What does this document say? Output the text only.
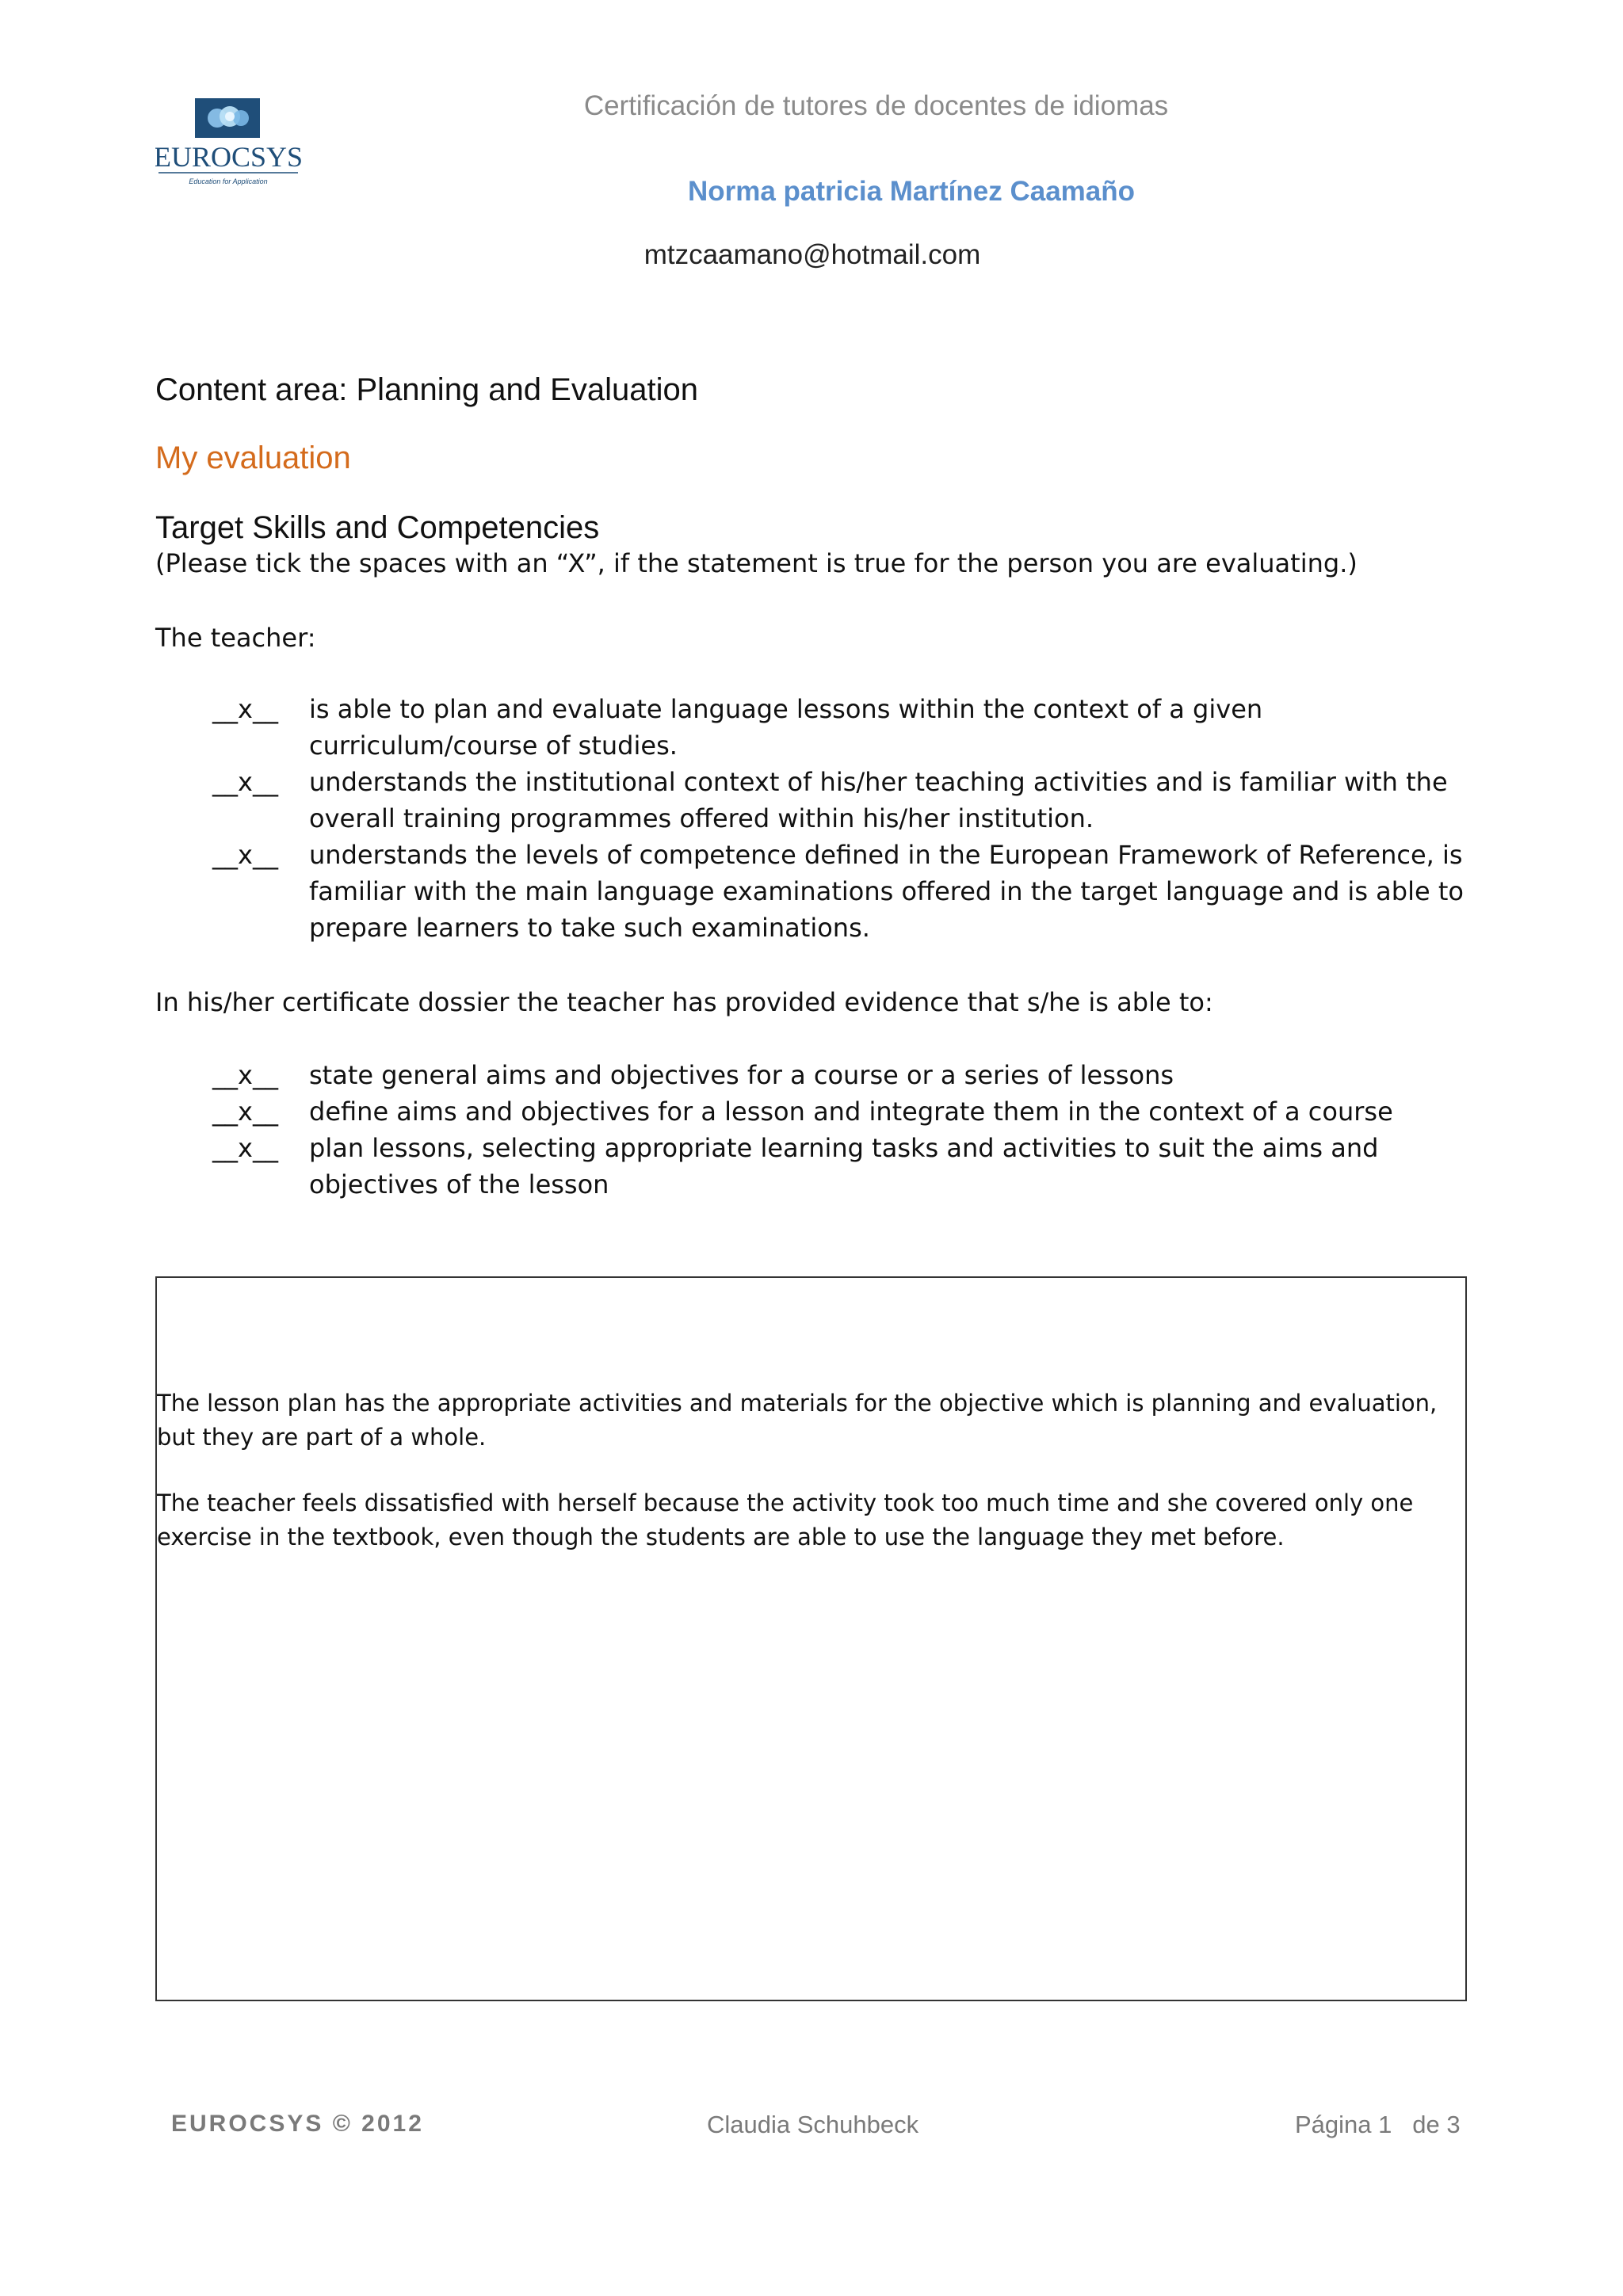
EUROCSYS
Education for Application
Certificación de tutores de docentes de idiomas
Norma patricia Martínez Caamaño
mtzcaamano@hotmail.com
Content area: Planning and Evaluation
My evaluation
Target Skills and Competencies
(Please tick the spaces with an “X”, if the statement is true for the person you are evaluating.)
The teacher:
__x__	is able to plan and evaluate language lessons within the context of a given curriculum/course of studies.
__x__	understands the institutional context of his/her teaching activities and is familiar with the overall training programmes offered within his/her institution.
__x__	understands the levels of competence defined in the European Framework of Reference, is familiar with the main language examinations offered in the target language and is able to prepare learners to take such examinations.
In his/her certificate dossier the teacher has provided evidence that s/he is able to:
__x__	state general aims and objectives for a course or a series of lessons
__x__	define aims and objectives for a lesson and integrate them in the context of a course
__x__	plan lessons, selecting appropriate learning tasks and activities to suit the aims and objectives of the lesson

The lesson plan has the appropriate activities and materials for the objective which is planning and evaluation, but they are part of a whole.

The teacher feels dissatisfied with herself because the activity took too much time and she covered only one exercise in the textbook, even though the students are able to use the language they met before.

EUROCSYS © 2012	Claudia Schuhbeck	Página 1 de 3
